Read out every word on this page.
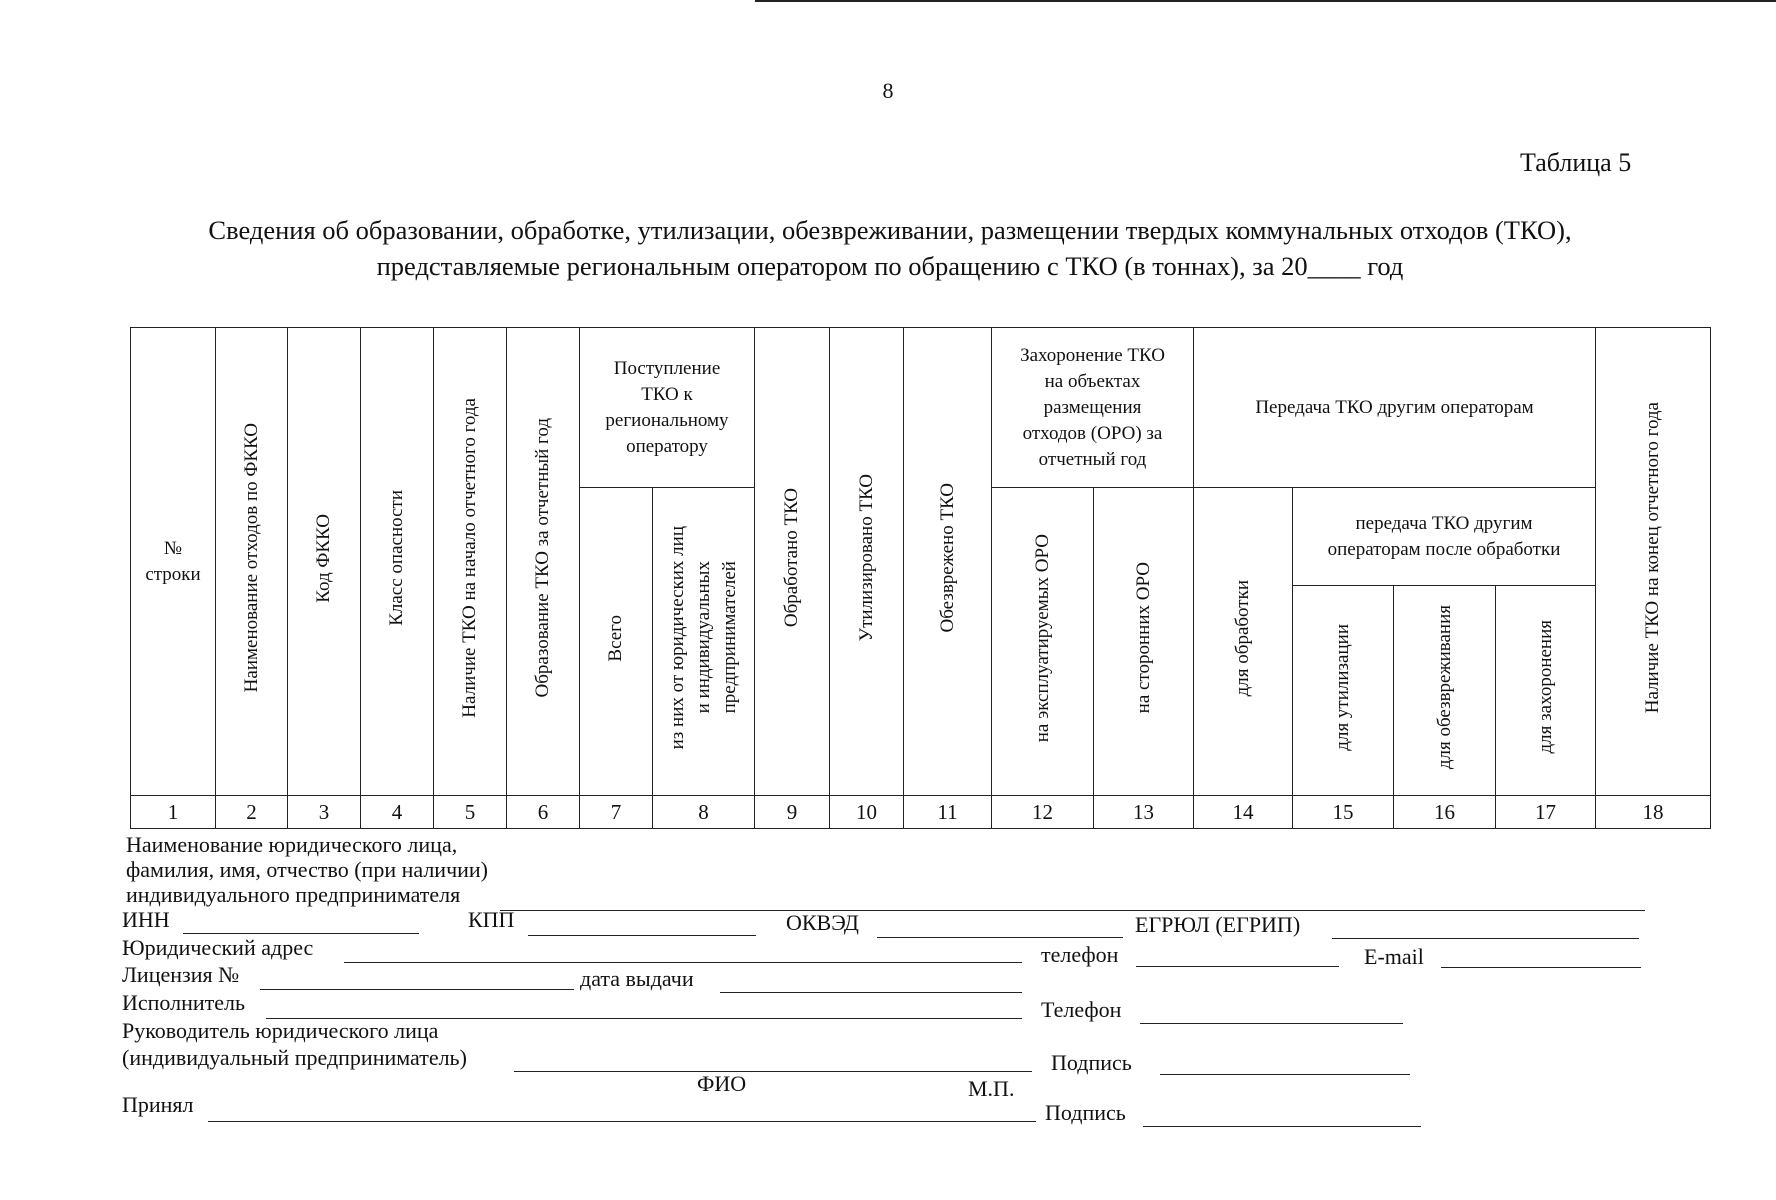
8
Таблица 5
Сведения об образовании, обработке, утилизации, обезвреживании, размещении твердых коммунальных отходов (ТКО),
представляемые региональным оператором по обращению с ТКО (в тоннах), за 20____ год
№ строки	Наименование отходов по ФККО	Код ФККО	Класс опасности	Наличие ТКО на начало отчетного года	Образование ТКО за отчетный год	Поступление ТКО к региональному оператору		Обработано ТКО	Утилизировано ТКО	Обезврежено ТКО	Захоронение ТКО на объектах размещения отходов (ОРО) за отчетный год		Передача ТКО другим операторам				Наличие ТКО на конец отчетного года
						Всего	из них от юридических лиц и индивидуальных предпринимателей				на эксплуатируемых ОРО	на сторонних ОРО	для обработки	передача ТКО другим операторам после обработки			

														для утилизации	для обезвреживания	для захоронения	
1	2	3	4	5	6	7	8	9	10	11	12	13	14	15	16	17	18
Наименование юридического лица,
фамилия, имя, отчество (при наличии)
индивидуального предпринимателя
ИНН	КПП	ОКВЭД	ЕГРЮЛ (ЕГРИП)
Юридический адрес	телефон	E-mail
Лицензия №	дата выдачи
Исполнитель	Телефон
Руководитель юридического лица
(индивидуальный предприниматель)	Подпись
ФИО	М.П.
Принял	Подпись
